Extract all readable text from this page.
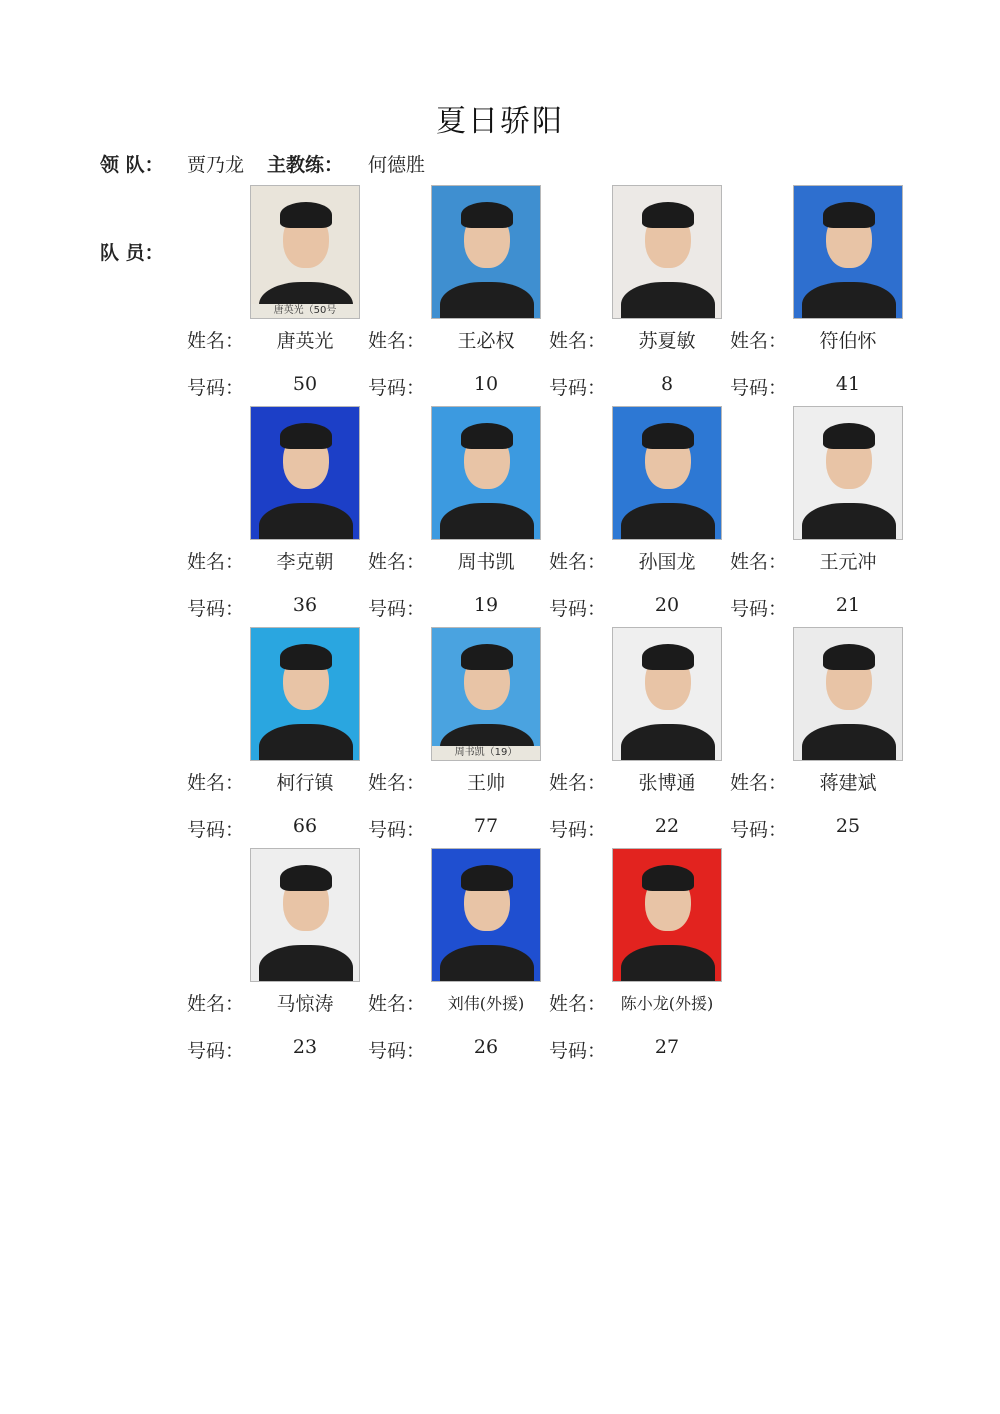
夏日骄阳
领 队： 贾乃龙 主教练： 何德胜
队 员：
唐英光（50号
姓名：	唐英光
号码：	50
姓名：	王必权
号码：	10
姓名：	苏夏敏
号码：	8
姓名：	符伯怀
号码：	41
姓名：	李克朝
号码：	36
姓名：	周书凯
号码：	19
姓名：	孙国龙
号码：	20
姓名：	王元冲
号码：	21
姓名：	柯行镇
号码：	66
周书凯（19）
姓名：	王帅
号码：	77
姓名：	张博通
号码：	22
姓名：	蒋建斌
号码：	25
姓名：	马惊涛
号码：	23
姓名：	刘伟(外援)
号码：	26
姓名： 陈小龙(外援)
号码：	27
